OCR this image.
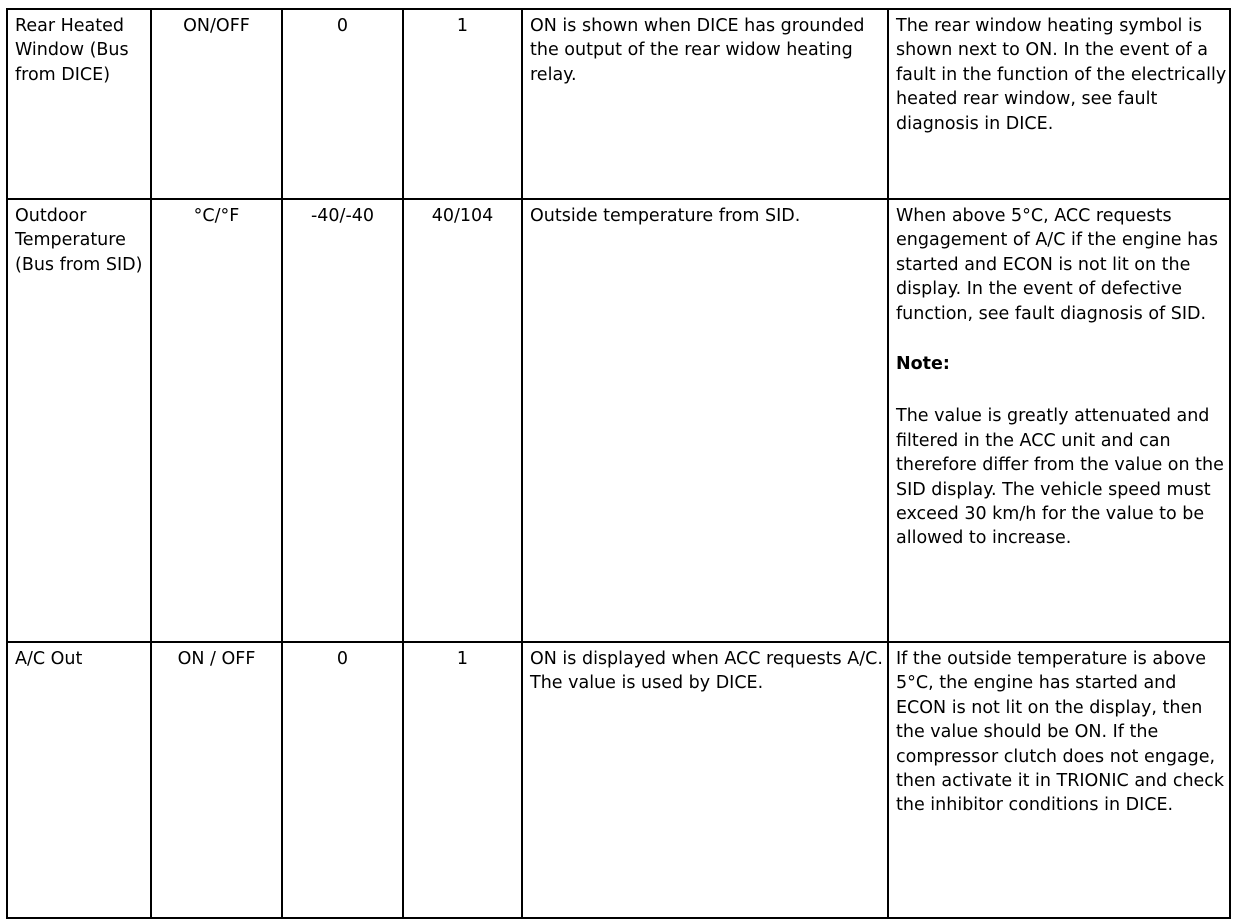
Rear Heated Window (Bus from DICE)	ON/OFF	0	1	ON is shown when DICE has grounded the output of the rear widow heating relay.	The rear window heating symbol is shown next to ON. In the event of a fault in the function of the electrically heated rear window, see fault diagnosis in DICE.
Outdoor Temperature (Bus from SID)	°C/°F	-40/-40	40/104	Outside temperature from SID.	When above 5°C, ACC requests engagement of A/C if the engine has started and ECON is not lit on the display. In the event of defective function, see fault diagnosis of SID.
Note:
The value is greatly attenuated and filtered in the ACC unit and can therefore differ from the value on the SID display. The vehicle speed must exceed 30 km/h for the value to be allowed to increase.

A/C Out	ON / OFF	0	1	ON is displayed when ACC requests A/C. The value is used by DICE.	If the outside temperature is above 5°C, the engine has started and ECON is not lit on the display, then the value should be ON. If the compressor clutch does not engage, then activate it in TRIONIC and check the inhibitor conditions in DICE.
